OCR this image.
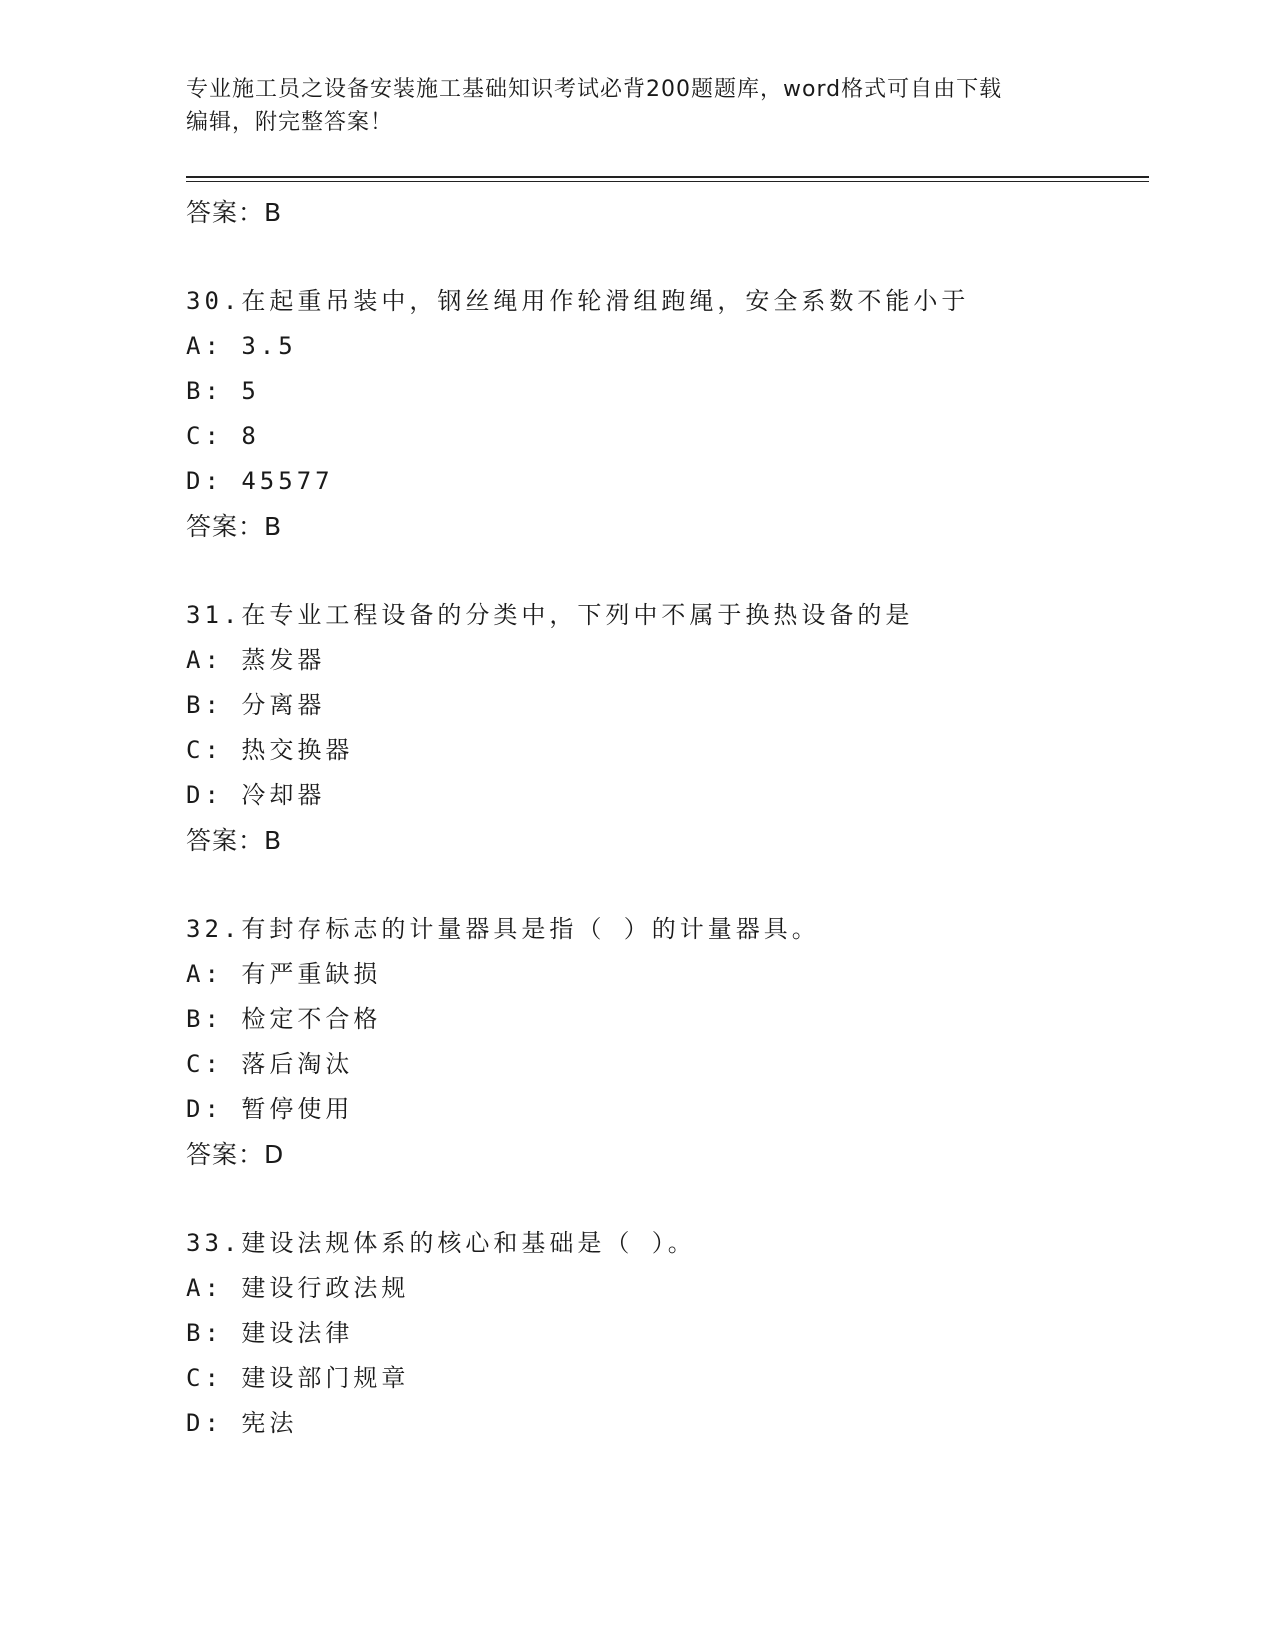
专业施工员之设备安装施工基础知识考试必背200题题库，word格式可自由下载
编辑，附完整答案！
答案：B
30.在起重吊装中，钢丝绳用作轮滑组跑绳，安全系数不能小于
A: 3.5
B: 5
C: 8
D: 45577
答案：B
31.在专业工程设备的分类中，下列中不属于换热设备的是
A: 蒸发器
B: 分离器
C: 热交换器
D: 冷却器
答案：B
32.有封存标志的计量器具是指（ ）的计量器具。
A: 有严重缺损
B: 检定不合格
C: 落后淘汰
D: 暂停使用
答案：D
33.建设法规体系的核心和基础是（ ）。
A: 建设行政法规
B: 建设法律
C: 建设部门规章
D: 宪法
